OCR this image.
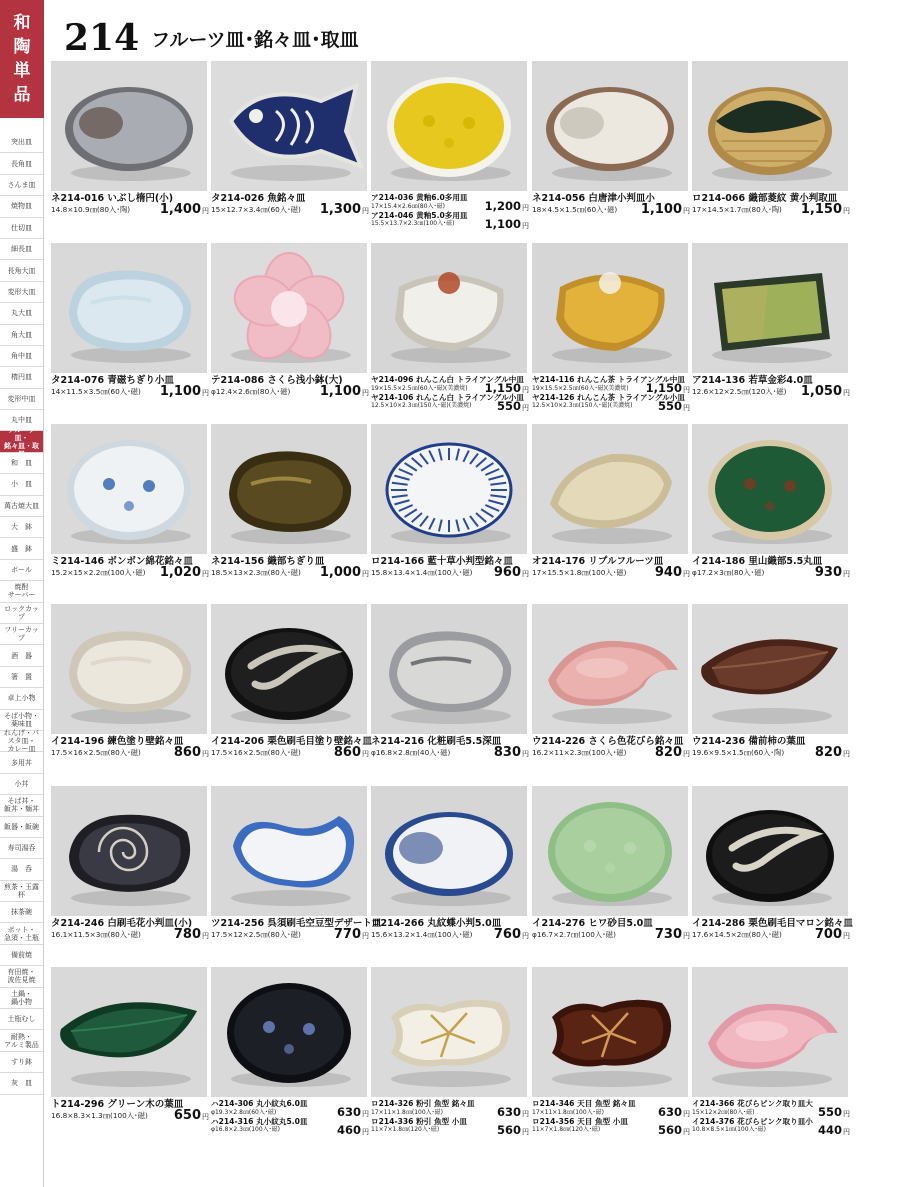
和
陶
単
品
突出皿
長角皿
さんま皿
焼物皿
仕切皿
細長皿
長角大皿
変形大皿
丸大皿
角大皿
角中皿
楕円皿
変形中皿
丸中皿
フルーツ皿・
銘々皿・取皿
和　皿
小　皿
萬古焼大皿
大　鉢
盛　鉢
ボール
焼酎
サーバー
ロックカップ
フリーカップ
酒　器
箸　置
卓上小物
そば小物・
薬味皿
れんげ・パスタ皿・
カレー皿
多用丼
小丼
そば丼・
飯丼・麺丼
飯器・飯碗
寿司湯呑
湯　呑
煎茶・玉露杯
抹茶碗
ポット・
急須・土瓶
備前焼
有田焼・
波佐見焼
土鍋・
鍋小物
土瓶むし
耐熱・
アルミ製品
すり鉢
灰　皿
214 フルーツ皿･銘々皿･取皿
ネ214-016 いぶし楕円(小)
14.8×10.9㎝(80入･陶)	1,400円
タ214-026 魚銘々皿
15×12.7×3.4㎝(60入･磁)	1,300円
ア214-036 黄釉6.0多用皿
17×15.4×2.6㎝(80入･磁)	1,200円
ア214-046 黄釉5.0多用皿
15.5×13.7×2.3㎝(100入･磁)	1,100円
ネ214-056 白唐津小判皿小
18×4.5×1.5㎝(60入･磁)	1,100円
ロ214-066 織部菱紋 黄小判取皿
17×14.5×1.7㎝(80入･陶)	1,150円
タ214-076 青磁ちぎり小皿
14×11.5×3.5㎝(60入･磁)	1,100円
テ214-086 さくら浅小鉢(大)
φ12.4×2.6㎝(80入･磁)	1,100円
ヤ214-096 れんこん白 トライアングル中皿
19×15.5×2.5㎝(60入･磁)(美濃焼)	1,150円
ヤ214-106 れんこん白 トライアングル小皿
12.5×10×2.3㎝(150入･磁)(美濃焼)	550円
ヤ214-116 れんこん茶 トライアングル中皿
19×15.5×2.5㎝(60入･磁)(美濃焼)	1,150円
ヤ214-126 れんこん茶 トライアングル小皿
12.5×10×2.3㎝(150入･磁)(美濃焼)	550円
ア214-136 若草金彩4.0皿
12.6×12×2.5㎝(120入･磁)	1,050円
ミ214-146 ボンボン綿花銘々皿
15.2×15×2.2㎝(100入･磁)	1,020円
ネ214-156 織部ちぎり皿
18.5×13×2.3㎝(80入･磁)	1,000円
ロ214-166 藍十草小判型銘々皿
15.8×13.4×1.4㎝(100入･磁)	960円
オ214-176 リプルフルーツ皿
17×15.5×1.8㎝(100入･磁)	940円
イ214-186 里山織部5.5丸皿
φ17.2×3㎝(80入･磁)	930円
イ214-196 練色塗り壁銘々皿
17.5×16×2.5㎝(80入･磁)	860円
イ214-206 栗色刷毛目塗り壁銘々皿
17.5×16×2.5㎝(80入･磁)	860円
ネ214-216 化粧刷毛5.5深皿
φ16.8×2.8㎝(40入･磁)	830円
ウ214-226 さくら色花びら銘々皿
16.2×11×2.3㎝(100入･磁)	820円
ウ214-236 備前柿の葉皿
19.6×9.5×1.5㎝(60入･陶)	820円
タ214-246 白刷毛花小判皿(小)
16.1×11.5×3㎝(80入･磁)	780円
ツ214-256 呉須刷毛空豆型デザート皿
17.5×12×2.5㎝(80入･磁)	770円
ロ214-266 丸紋蝶小判5.0皿
15.6×13.2×1.4㎝(100入･磁)	760円
イ214-276 ヒワ砂目5.0皿
φ16.7×2.7㎝(100入･磁)	730円
イ214-286 栗色刷毛目マロン銘々皿
17.6×14.5×2㎝(80入･磁)	700円
ト214-296 グリーン木の葉皿
16.8×8.3×1.3㎝(100入･磁)	650円
ハ214-306 丸小紋丸6.0皿
φ19.3×2.8㎝(60入･磁)	630円
ハ214-316 丸小紋丸5.0皿
φ16.8×2.3㎝(100入･磁)	460円
ロ214-326 粉引 魚型 銘々皿
17×11×1.8㎝(100入･磁)	630円
ロ214-336 粉引 魚型 小皿
11×7×1.8㎝(120入･磁)	560円
ロ214-346 天目 魚型 銘々皿
17×11×1.8㎝(100入･磁)	630円
ロ214-356 天目 魚型 小皿
11×7×1.8㎝(120入･磁)	560円
イ214-366 花びらピンク取り皿大
15×12×2㎝(80入･磁)	550円
イ214-376 花びらピンク取り皿小
10.8×8.5×1㎝(100入･磁)	440円
